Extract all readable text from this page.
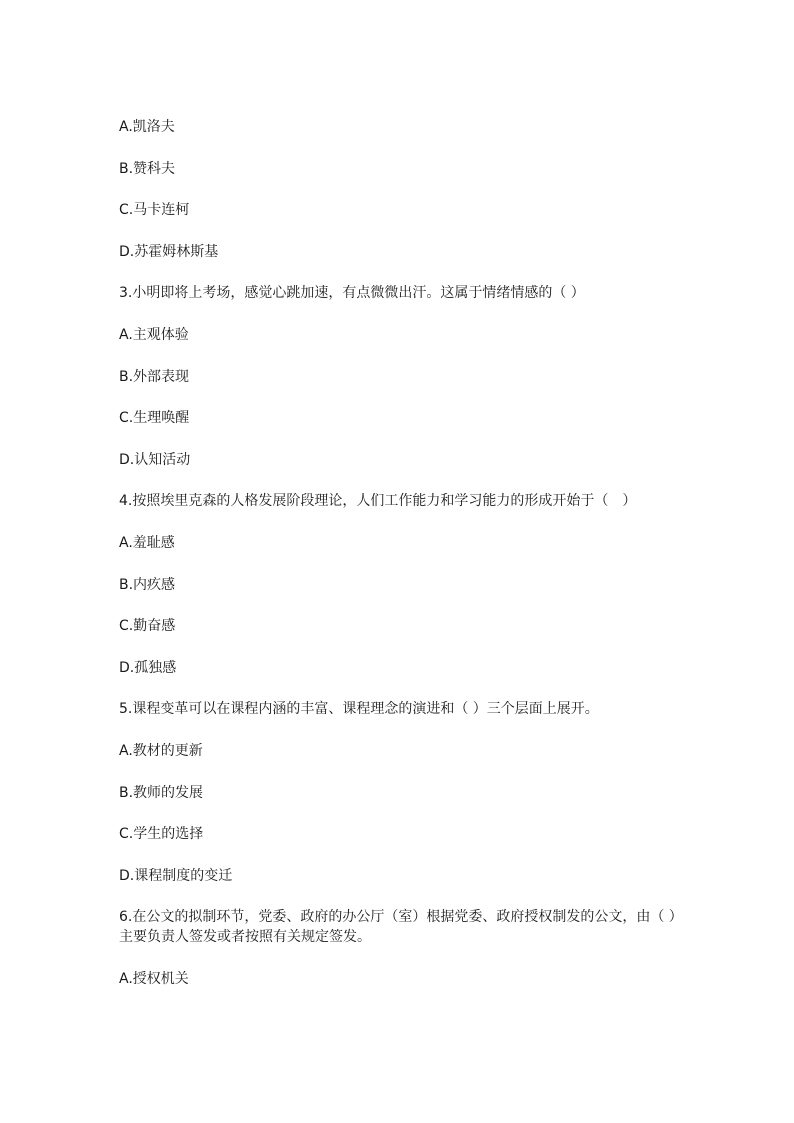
A.凯洛夫

B.赞科夫

C.马卡连柯

D.苏霍姆林斯基

3.小明即将上考场，感觉心跳加速，有点微微出汗。这属于情绪情感的（ ）

A.主观体验

B.外部表现

C.生理唤醒

D.认知活动

4.按照埃里克森的人格发展阶段理论，人们工作能力和学习能力的形成开始于（　）

A.羞耻感

B.内疚感

C.勤奋感

D.孤独感

5.课程变革可以在课程内涵的丰富、课程理念的演进和（ ）三个层面上展开。

A.教材的更新

B.教师的发展

C.学生的选择

D.课程制度的变迁

6.在公文的拟制环节，党委、政府的办公厅（室）根据党委、政府授权制发的公文，由（ ）主要负责人签发或者按照有关规定签发。

A.授权机关
